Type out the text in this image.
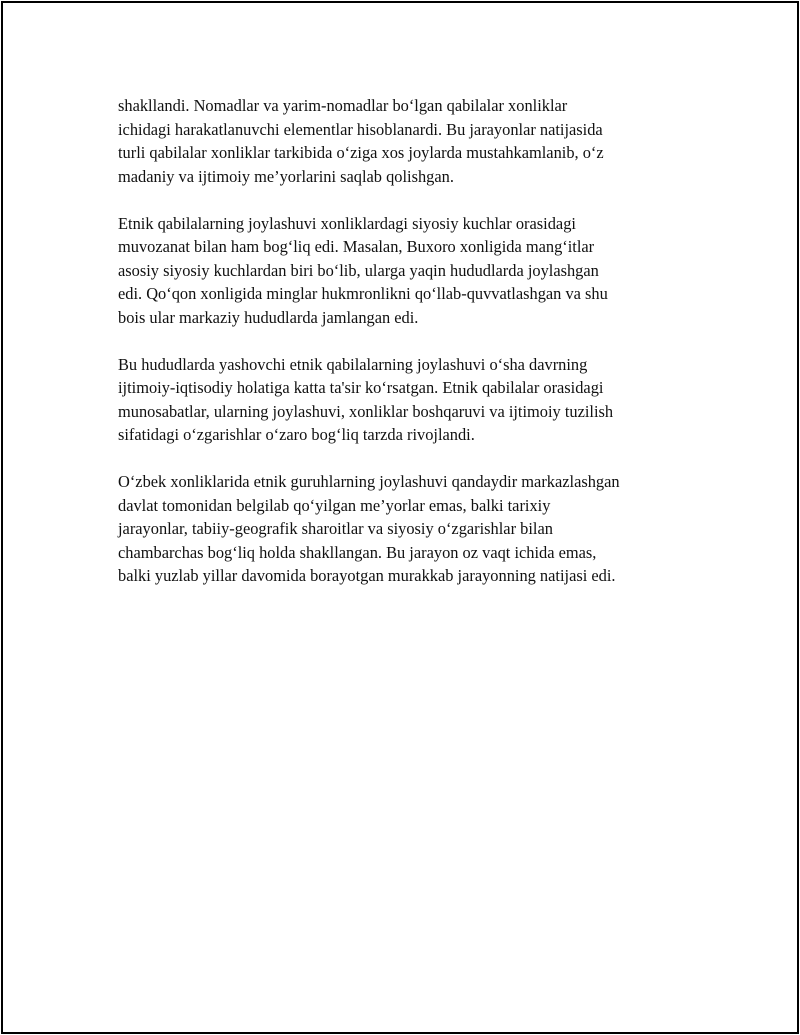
shakllandi. Nomadlar va yarim-nomadlar bo‘lgan qabilalar xonliklar
ichidagi harakatlanuvchi elementlar hisoblanardi. Bu jarayonlar natijasida
turli qabilalar xonliklar tarkibida o‘ziga xos joylarda mustahkamlanib, o‘z
madaniy va ijtimoiy me’yorlarini saqlab qolishgan.

Etnik qabilalarning joylashuvi xonliklardagi siyosiy kuchlar orasidagi
muvozanat bilan ham bog‘liq edi. Masalan, Buxoro xonligida mang‘itlar
asosiy siyosiy kuchlardan biri bo‘lib, ularga yaqin hududlarda joylashgan
edi. Qo‘qon xonligida minglar hukmronlikni qo‘llab-quvvatlashgan va shu
bois ular markaziy hududlarda jamlangan edi.

Bu hududlarda yashovchi etnik qabilalarning joylashuvi o‘sha davrning
ijtimoiy-iqtisodiy holatiga katta ta'sir ko‘rsatgan. Etnik qabilalar orasidagi
munosabatlar, ularning joylashuvi, xonliklar boshqaruvi va ijtimoiy tuzilish
sifatidagi o‘zgarishlar o‘zaro bog‘liq tarzda rivojlandi.

O‘zbek xonliklarida etnik guruhlarning joylashuvi qandaydir markazlashgan
davlat tomonidan belgilab qo‘yilgan me’yorlar emas, balki tarixiy
jarayonlar, tabiiy-geografik sharoitlar va siyosiy o‘zgarishlar bilan
chambarchas bog‘liq holda shakllangan. Bu jarayon oz vaqt ichida emas,
balki yuzlab yillar davomida borayotgan murakkab jarayonning natijasi edi.
